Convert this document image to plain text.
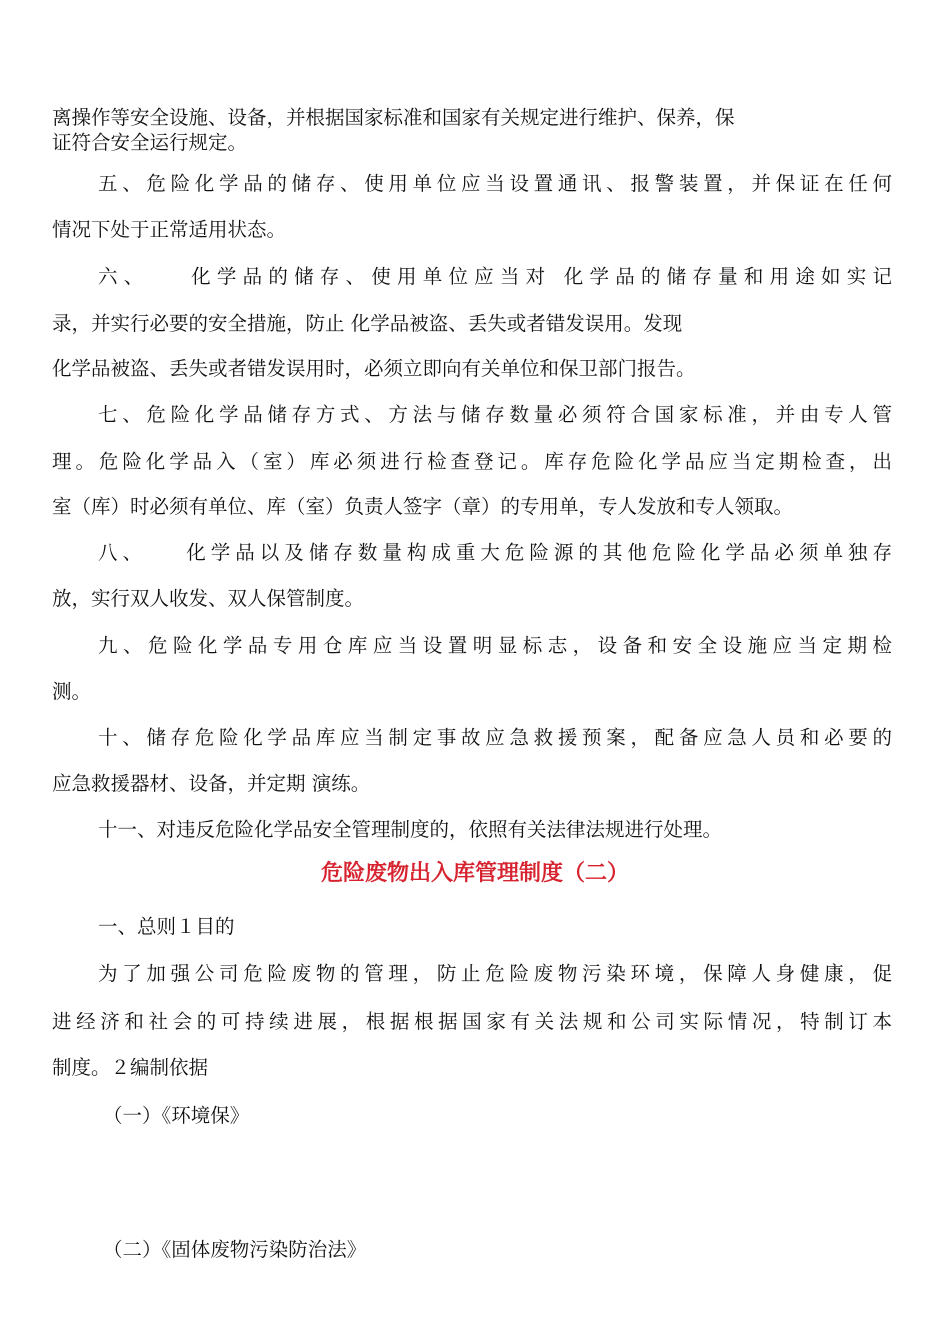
离操作等安全设施、设备，并根据国家标准和国家有关规定进行维护、保养，保

证符合安全运行规定。

五、危险化学品的储存、使用单位应当设置通讯、报警装置，并保证在任何

情况下处于正常适用状态。

六、　　化学品的储存、使用单位应当对 化学品的储存量和用途如实记

录，并实行必要的安全措施，防止 化学品被盗、丢失或者错发误用。发现

化学品被盗、丢失或者错发误用时，必须立即向有关单位和保卫部门报告。

七、危险化学品储存方式、方法与储存数量必须符合国家标准，并由专人管

理。危险化学品入（室）库必须进行检查登记。库存危险化学品应当定期检查，出

室（库）时必须有单位、库（室）负责人签字（章）的专用单，专人发放和专人领取。

八、　　化学品以及储存数量构成重大危险源的其他危险化学品必须单独存

放，实行双人收发、双人保管制度。

九、危险化学品专用仓库应当设置明显标志，设备和安全设施应当定期检

测。

十、储存危险化学品库应当制定事故应急救援预案，配备应急人员和必要的

应急救援器材、设备，并定期 演练。

十一、对违反危险化学品安全管理制度的，依照有关法律法规进行处理。

危险废物出入库管理制度（二）

一、总则１目的

为了加强公司危险废物的管理，防止危险废物污染环境，保障人身健康，促

进经济和社会的可持续进展，根据根据国家有关法规和公司实际情况，特制订本

制度。２编制依据

（一）《环境保》

（二）《固体废物污染防治法》
